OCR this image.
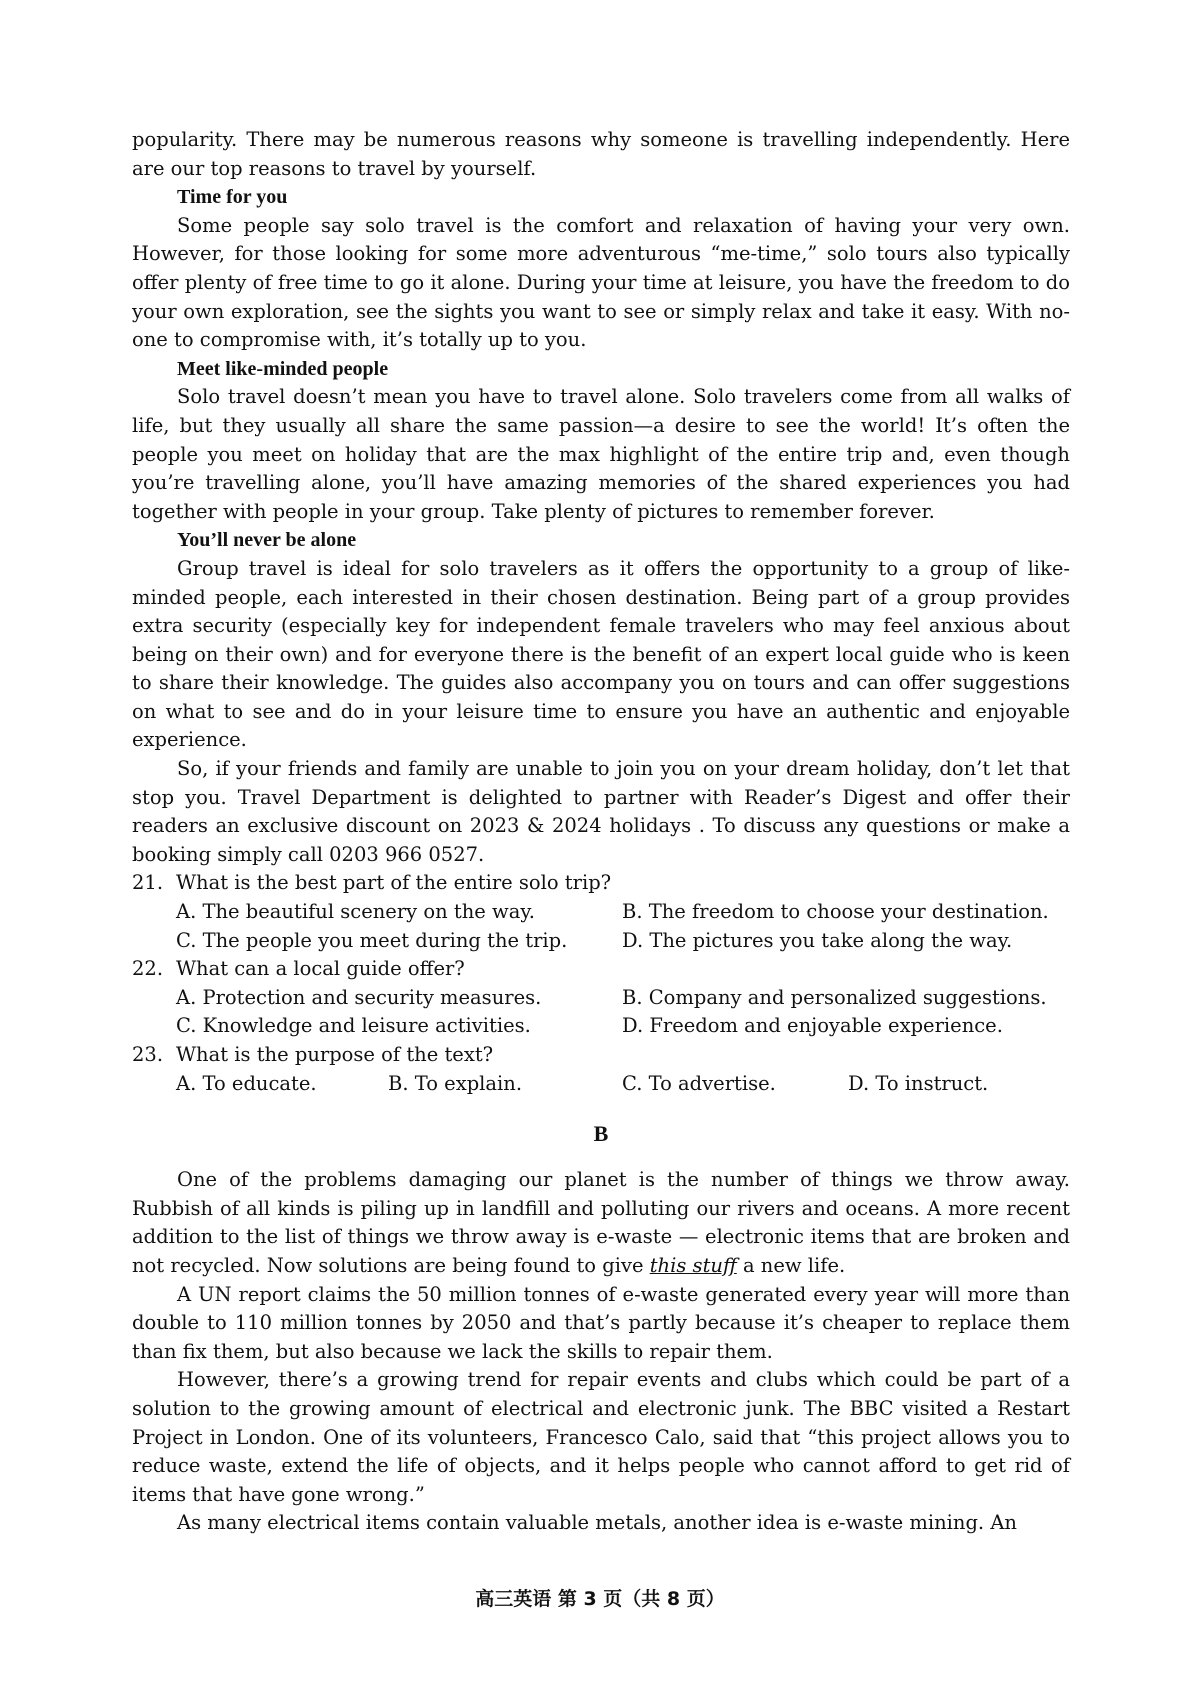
popularity. There may be numerous reasons why someone is travelling independently. Here are our top reasons to travel by yourself.

Time for you

Some people say solo travel is the comfort and relaxation of having your very own. However, for those looking for some more adventurous “me-time,” solo tours also typically offer plenty of free time to go it alone. During your time at leisure, you have the freedom to do your own exploration, see the sights you want to see or simply relax and take it easy. With no-one to compromise with, it’s totally up to you.

Meet like-minded people

Solo travel doesn’t mean you have to travel alone. Solo travelers come from all walks of life, but they usually all share the same passion—a desire to see the world! It’s often the people you meet on holiday that are the max highlight of the entire trip and, even though you’re travelling alone, you’ll have amazing memories of the shared experiences you had together with people in your group. Take plenty of pictures to remember forever.

You’ll never be alone

Group travel is ideal for solo travelers as it offers the opportunity to a group of like-minded people, each interested in their chosen destination. Being part of a group provides extra security (especially key for independent female travelers who may feel anxious about being on their own) and for everyone there is the benefit of an expert local guide who is keen to share their knowledge. The guides also accompany you on tours and can offer suggestions on what to see and do in your leisure time to ensure you have an authentic and enjoyable experience.

So, if your friends and family are unable to join you on your dream holiday, don’t let that stop you. Travel Department is delighted to partner with Reader’s Digest and offer their readers an exclusive discount on 2023 & 2024 holidays . To discuss any questions or make a booking simply call 0203 966 0527.

21. What is the best part of the entire solo trip?
A. The beautiful scenery on the way.	B. The freedom to choose your destination.
C. The people you meet during the trip.	D. The pictures you take along the way.
22. What can a local guide offer?
A. Protection and security measures.	B. Company and personalized suggestions.
C. Knowledge and leisure activities.	D. Freedom and enjoyable experience.
23. What is the purpose of the text?
A. To educate.	B. To explain.	C. To advertise.	D. To instruct.
B

One of the problems damaging our planet is the number of things we throw away. Rubbish of all kinds is piling up in landfill and polluting our rivers and oceans. A more recent addition to the list of things we throw away is e-waste — electronic items that are broken and not recycled. Now solutions are being found to give this stuff a new life.

A UN report claims the 50 million tonnes of e-waste generated every year will more than double to 110 million tonnes by 2050 and that’s partly because it’s cheaper to replace them than fix them, but also because we lack the skills to repair them.

However, there’s a growing trend for repair events and clubs which could be part of a solution to the growing amount of electrical and electronic junk. The BBC visited a Restart Project in London. One of its volunteers, Francesco Calo, said that “this project allows you to reduce waste, extend the life of objects, and it helps people who cannot afford to get rid of items that have gone wrong.”

As many electrical items contain valuable metals, another idea is e-waste mining. An

高三英语 第 3 页（共 8 页）
